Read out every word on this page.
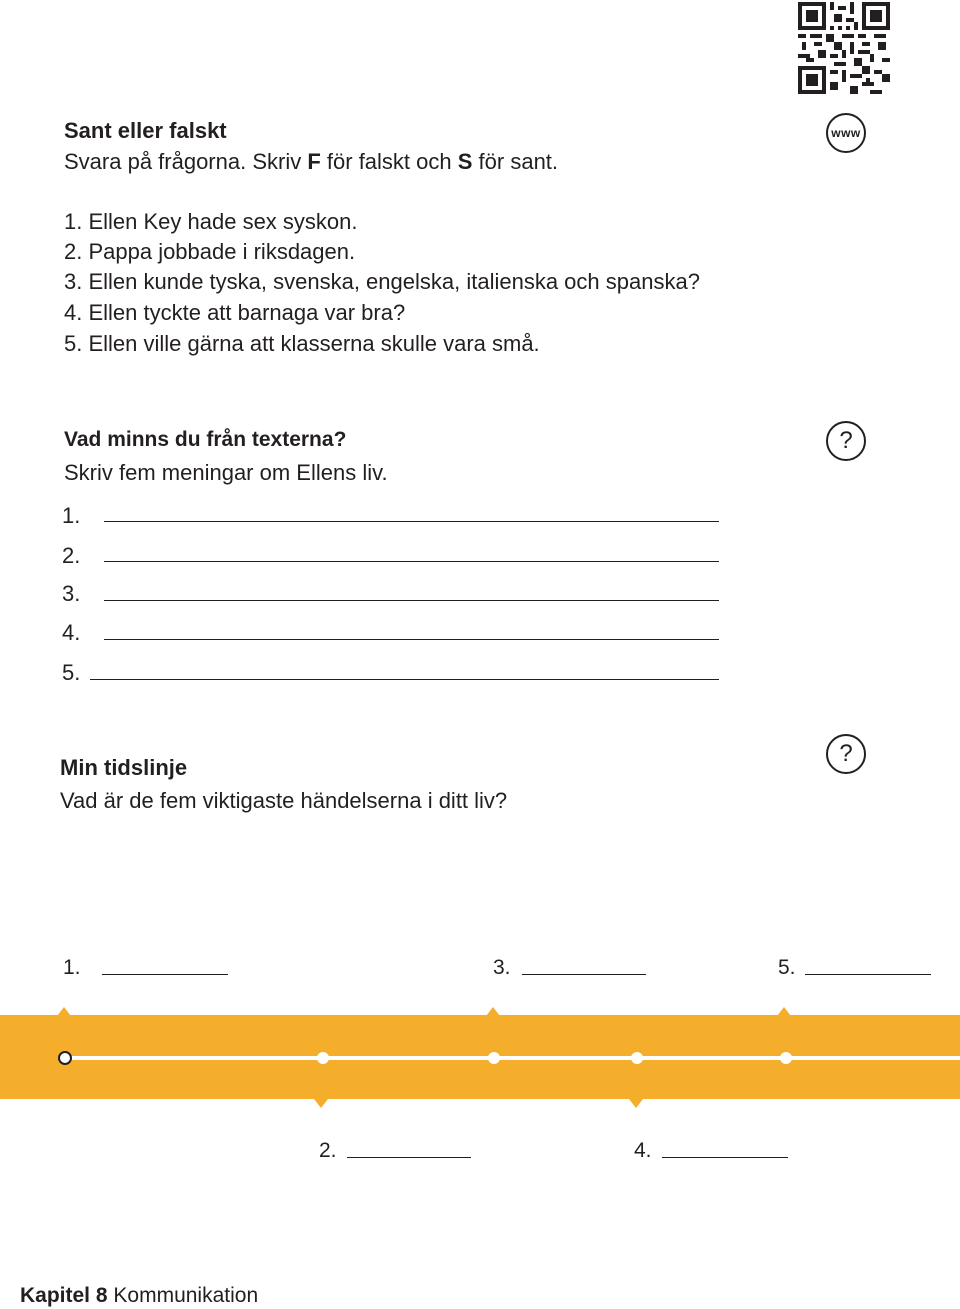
www
Sant eller falskt
Svara på frågorna. Skriv F för falskt och S för sant.
1. Ellen Key hade sex syskon.
2. Pappa jobbade i riksdagen.
3. Ellen kunde tyska, svenska, engelska, italienska och spanska?
4. Ellen tyckte att barnaga var bra?
5. Ellen ville gärna att klasserna skulle vara små.
Vad minns du från texterna?	?
Skriv fem meningar om Ellens liv.
1.
2.
3.
4.
5.
Min tidslinje
?
Vad är de fem viktigaste händelserna i ditt liv?
1.	3.	5.
2.	4.
Kapitel 8 Kommunikation
